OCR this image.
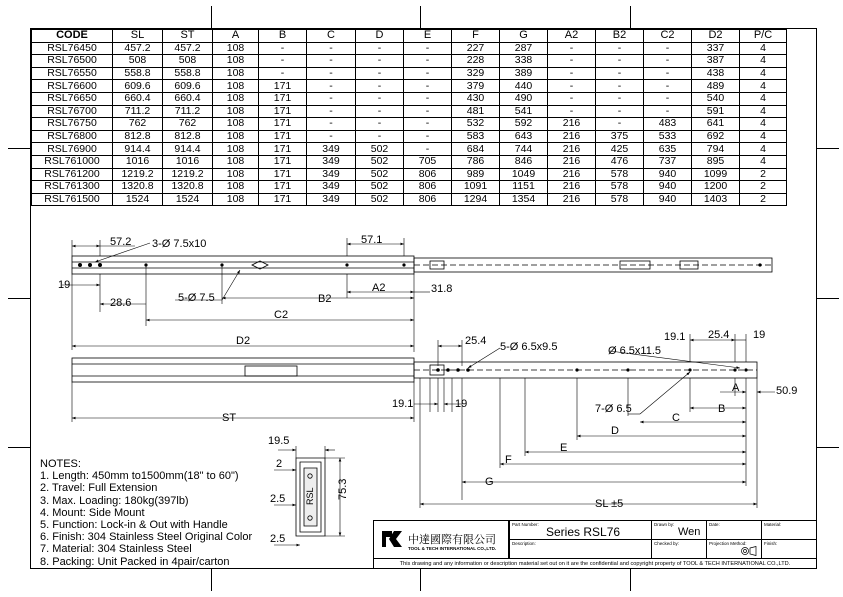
CODE	SL	ST	A	B	C	D	E	F	G	A2	B2	C2	D2	P/C
RSL76450	457.2	457.2	108	-	-	-	-	227	287	-	-	-	337	4
RSL76500	508	508	108	-	-	-	-	228	338	-	-	-	387	4
RSL76550	558.8	558.8	108	-	-	-	-	329	389	-	-	-	438	4
RSL76600	609.6	609.6	108	171	-	-	-	379	440	-	-	-	489	4
RSL76650	660.4	660.4	108	171	-	-	-	430	490	-	-	-	540	4
RSL76700	711.2	711.2	108	171	-	-	-	481	541	-	-	-	591	4
RSL76750	762	762	108	171	-	-	-	532	592	216	-	483	641	4
RSL76800	812.8	812.8	108	171	-	-	-	583	643	216	375	533	692	4
RSL76900	914.4	914.4	108	171	349	502	-	684	744	216	425	635	794	4
RSL761000	1016	1016	108	171	349	502	705	786	846	216	476	737	895	4
RSL761200	1219.2	1219.2	108	171	349	502	806	989	1049	216	578	940	1099	2
RSL761300	1320.8	1320.8	108	171	349	502	806	1091	1151	216	578	940	1200	2
RSL761500	1524	1524	108	171	349	502	806	1294	1354	216	578	940	1403	2
57.2	57.1
3-Ø 7.5x10
19
28.6	5-Ø 7.5	B2
A2	31.8
C2
D2	25.4 5-Ø 6.5x9.5
19.1 25.4 19
Ø 6.5x11.5
ST
19.1	19
A	50.9
B
7-Ø 6.5
C
D
E
F
G
SL ±5
RSL
19.5
2
2.5	75.3
2.5
NOTES:
1. Length: 450mm to1500mm(18" to 60")
2. Travel: Full Extension
3. Max. Loading: 180kg(397lb)
4. Mount: Side Mount
5. Function: Lock-in & Out with Handle
6. Finish: 304 Stainless Steel Original Color
7. Material: 304 Stainless Steel
8. Packing: Unit Packed in 4pair/carton
中達國際有限公司
TOOL & TECH INTERNATIONAL CO.,LTD.
Part Number:
Series RSL76
Description:
Drawn by:
Wen
Checked by:
Date:
Projection Method:
Material:
Finish:
This drawing and any information or description material set out on it are the confidential and copyright property of TOOL & TECH INTERNATIONAL CO.,LTD.
